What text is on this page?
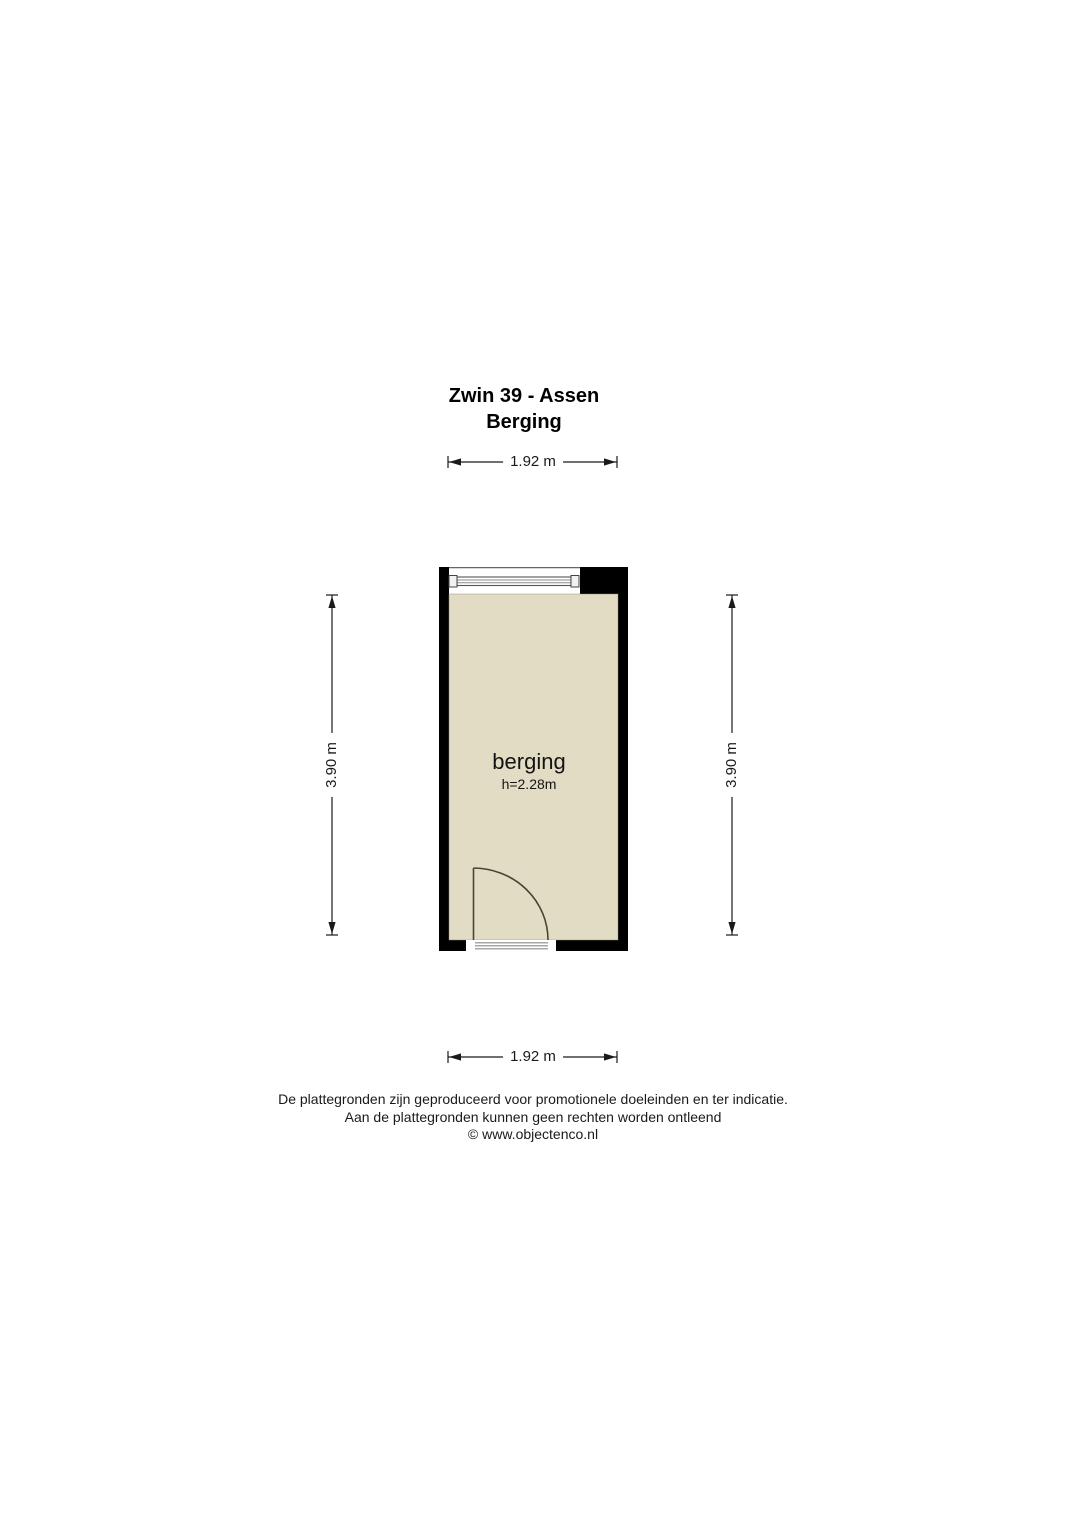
Zwin 39 - Assen
Berging
1.92 m
1.92 m
3.90 m	3.90 m
berging
h=2.28m
De plattegronden zijn geproduceerd voor promotionele doeleinden en ter indicatie.
Aan de plattegronden kunnen geen rechten worden ontleend
© www.objectenco.nl
